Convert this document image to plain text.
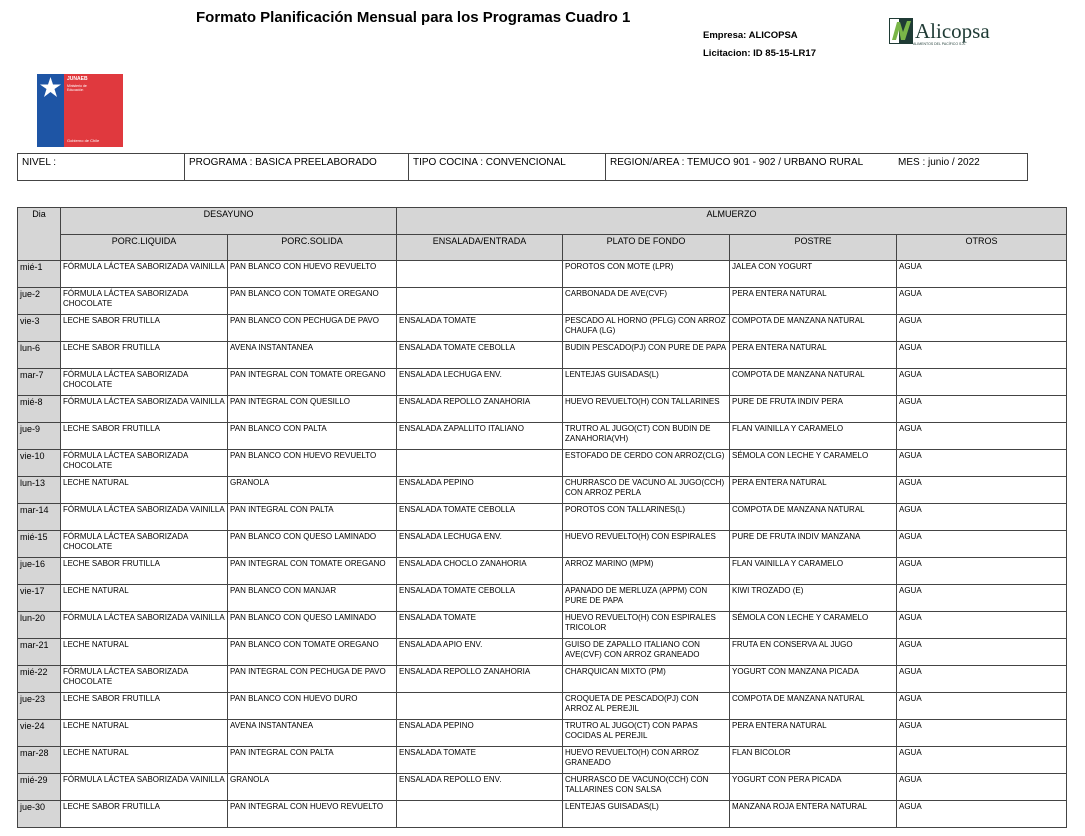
Formato Planificación Mensual para los Programas Cuadro 1
Empresa: ALICOPSA
Licitacion: ID 85-15-LR17
Alicopsa
ALIMENTOS DEL PACÍFICO S.A.
JUNAEB
Ministerio de Educación
Gobierno de Chile
NIVEL :	PROGRAMA : BASICA PREELABORADO	TIPO COCINA : CONVENCIONAL	REGION/AREA : TEMUCO 901 - 902 / URBANO RURAL	MES : junio / 2022
Dia	DESAYUNO		ALMUERZO			
	PORC.LIQUIDA	PORC.SOLIDA	ENSALADA/ENTRADA	PLATO DE FONDO	POSTRE	OTROS
mié-1	FÓRMULA LÁCTEA SABORIZADA VAINILLA	PAN BLANCO CON HUEVO REVUELTO		POROTOS CON MOTE (LPR)	JALEA CON YOGURT	AGUA
jue-2	FÓRMULA LÁCTEA SABORIZADA CHOCOLATE	PAN BLANCO CON TOMATE OREGANO		CARBONADA DE AVE(CVF)	PERA ENTERA NATURAL	AGUA
vie-3	LECHE SABOR FRUTILLA	PAN BLANCO CON PECHUGA DE PAVO	ENSALADA TOMATE	PESCADO AL HORNO (PFLG) CON ARROZ CHAUFA (LG)	COMPOTA DE MANZANA NATURAL	AGUA
lun-6	LECHE SABOR FRUTILLA	AVENA INSTANTANEA	ENSALADA TOMATE CEBOLLA	BUDIN PESCADO(PJ) CON PURE DE PAPA	PERA ENTERA NATURAL	AGUA
mar-7	FÓRMULA LÁCTEA SABORIZADA CHOCOLATE	PAN INTEGRAL CON TOMATE OREGANO	ENSALADA LECHUGA ENV.	LENTEJAS GUISADAS(L)	COMPOTA DE MANZANA NATURAL	AGUA
mié-8	FÓRMULA LÁCTEA SABORIZADA VAINILLA	PAN INTEGRAL CON QUESILLO	ENSALADA REPOLLO ZANAHORIA	HUEVO REVUELTO(H) CON TALLARINES	PURE DE FRUTA INDIV PERA	AGUA
jue-9	LECHE SABOR FRUTILLA	PAN BLANCO CON PALTA	ENSALADA ZAPALLITO ITALIANO	TRUTRO AL JUGO(CT) CON BUDIN DE ZANAHORIA(VH)	FLAN VAINILLA Y CARAMELO	AGUA
vie-10	FÓRMULA LÁCTEA SABORIZADA CHOCOLATE	PAN BLANCO CON HUEVO REVUELTO		ESTOFADO DE CERDO CON ARROZ(CLG)	SÉMOLA CON LECHE Y CARAMELO	AGUA
lun-13	LECHE NATURAL	GRANOLA	ENSALADA PEPINO	CHURRASCO DE VACUNO AL JUGO(CCH) CON ARROZ PERLA	PERA ENTERA NATURAL	AGUA
mar-14	FÓRMULA LÁCTEA SABORIZADA VAINILLA	PAN INTEGRAL CON PALTA	ENSALADA TOMATE CEBOLLA	POROTOS CON TALLARINES(L)	COMPOTA DE MANZANA NATURAL	AGUA
mié-15	FÓRMULA LÁCTEA SABORIZADA CHOCOLATE	PAN BLANCO CON QUESO LAMINADO	ENSALADA LECHUGA ENV.	HUEVO REVUELTO(H) CON ESPIRALES	PURE DE FRUTA INDIV MANZANA	AGUA
jue-16	LECHE SABOR FRUTILLA	PAN INTEGRAL CON TOMATE OREGANO	ENSALADA CHOCLO ZANAHORIA	ARROZ MARINO (MPM)	FLAN VAINILLA Y CARAMELO	AGUA
vie-17	LECHE NATURAL	PAN BLANCO CON MANJAR	ENSALADA TOMATE CEBOLLA	APANADO DE MERLUZA (APPM) CON PURE DE PAPA	KIWI TROZADO (E)	AGUA
lun-20	FÓRMULA LÁCTEA SABORIZADA VAINILLA	PAN BLANCO CON QUESO LAMINADO	ENSALADA TOMATE	HUEVO REVUELTO(H) CON ESPIRALES TRICOLOR	SÉMOLA CON LECHE Y CARAMELO	AGUA
mar-21	LECHE NATURAL	PAN BLANCO CON TOMATE OREGANO	ENSALADA APIO ENV.	GUISO DE ZAPALLO ITALIANO CON AVE(CVF) CON ARROZ GRANEADO	FRUTA EN CONSERVA AL JUGO	AGUA
mié-22	FÓRMULA LÁCTEA SABORIZADA CHOCOLATE	PAN INTEGRAL CON PECHUGA DE PAVO	ENSALADA REPOLLO ZANAHORIA	CHARQUICAN MIXTO (PM)	YOGURT CON MANZANA PICADA	AGUA
jue-23	LECHE SABOR FRUTILLA	PAN BLANCO CON HUEVO DURO		CROQUETA DE PESCADO(PJ) CON ARROZ AL PEREJIL	COMPOTA DE MANZANA NATURAL	AGUA
vie-24	LECHE NATURAL	AVENA INSTANTANEA	ENSALADA PEPINO	TRUTRO AL JUGO(CT) CON PAPAS COCIDAS AL PEREJIL	PERA ENTERA NATURAL	AGUA
mar-28	LECHE NATURAL	PAN INTEGRAL CON PALTA	ENSALADA TOMATE	HUEVO REVUELTO(H) CON ARROZ GRANEADO	FLAN BICOLOR	AGUA
mié-29	FÓRMULA LÁCTEA SABORIZADA VAINILLA	GRANOLA	ENSALADA REPOLLO ENV.	CHURRASCO DE VACUNO(CCH) CON TALLARINES CON SALSA	YOGURT CON PERA PICADA	AGUA
jue-30	LECHE SABOR FRUTILLA	PAN INTEGRAL CON HUEVO REVUELTO		LENTEJAS GUISADAS(L)	MANZANA ROJA ENTERA NATURAL	AGUA
